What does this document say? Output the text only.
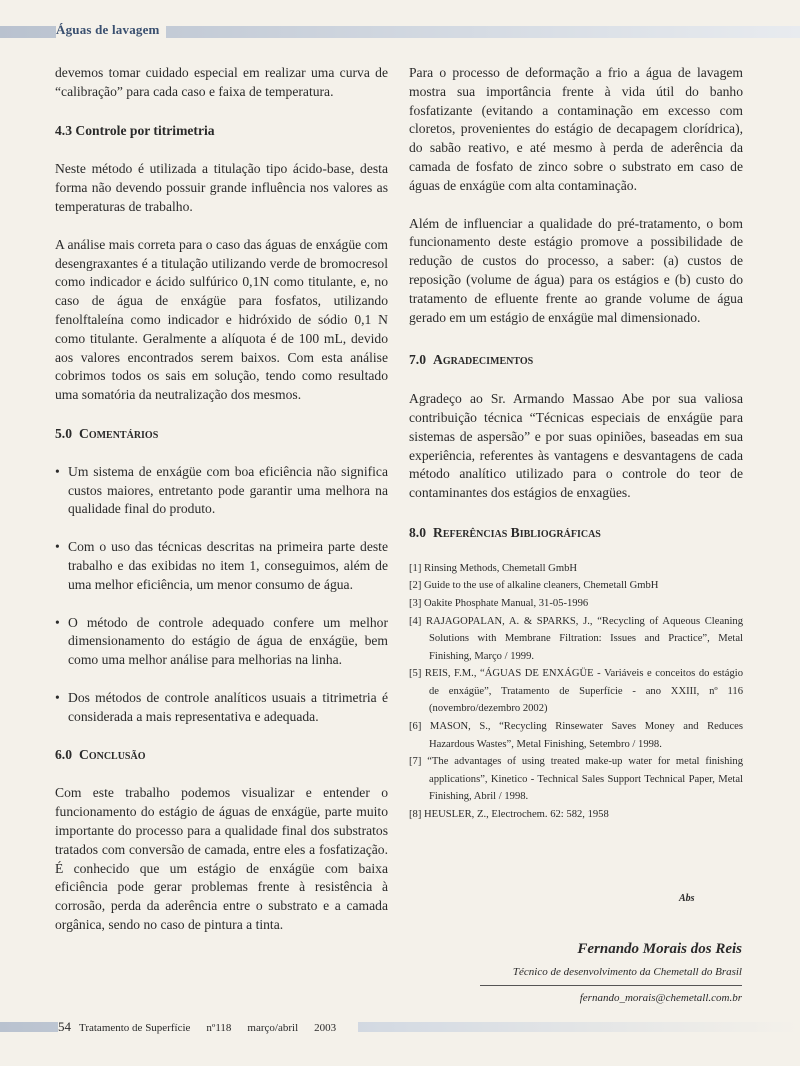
Águas de lavagem

devemos tomar cuidado especial em realizar uma curva de “calibração” para cada caso e faixa de temperatura.

4.3 Controle por titrimetria

Neste método é utilizada a titulação tipo ácido-base, desta forma não devendo possuir grande influência nos valores as temperaturas de trabalho.

A análise mais correta para o caso das águas de enxágüe com desengraxantes é a titulação utilizando verde de bromocresol como indicador e ácido sulfúrico 0,1N como titulante, e, no caso de água de enxágüe para fosfatos, utilizando fenolftaleína como indicador e hidróxido de sódio 0,1 N como titulante. Geralmente a alíquota é de 100 mL, devido aos valores encontrados serem baixos. Com esta análise cobrimos todos os sais em solução, tendo como resultado uma somatória da neutralização dos mesmos.

5.0 Comentários
• Um sistema de enxágüe com boa eficiência não significa custos maiores, entretanto pode garantir uma melhora na qualidade final do produto.
• Com o uso das técnicas descritas na primeira parte deste trabalho e das exibidas no item 1, conseguimos, além de uma melhor eficiência, um menor consumo de água.
• O método de controle adequado confere um melhor dimensionamento do estágio de água de enxágüe, bem como uma melhor análise para melhorias na linha.
• Dos métodos de controle analíticos usuais a titrimetria é considerada a mais representativa e adequada.
6.0 Conclusão

Com este trabalho podemos visualizar e entender o funcionamento do estágio de águas de enxágüe, parte muito importante do processo para a qualidade final dos substratos tratados com conversão de camada, entre eles a fosfatização. É conhecido que um estágio de enxágüe com baixa eficiência pode gerar problemas frente à resistência à corrosão, perda da aderência entre o substrato e a camada orgânica, sendo no caso de pintura a tinta.

Para o processo de deformação a frio a água de lavagem mostra sua importância frente à vida útil do banho fosfatizante (evitando a contaminação em excesso com cloretos, provenientes do estágio de decapagem clorídrica), do sabão reativo, e até mesmo à perda de aderência da camada de fosfato de zinco sobre o substrato em caso de águas de enxágüe com alta contaminação.

Além de influenciar a qualidade do pré-tratamento, o bom funcionamento deste estágio promove a possibilidade de redução de custos do processo, a saber: (a) custos de reposição (volume de água) para os estágios e (b) custo do tratamento de efluente frente ao grande volume de água gerado em um estágio de enxágüe mal dimensionado.

7.0 Agradecimentos

Agradeço ao Sr. Armando Massao Abe por sua valiosa contribuição técnica “Técnicas especiais de enxágüe para sistemas de aspersão” e por suas opiniões, baseadas em sua experiência, referentes às vantagens e desvantagens de cada método analítico utilizado para o controle do teor de contaminantes dos estágios de enxagües.

8.0 Referências Bibliográficas
[1] Rinsing Methods, Chemetall GmbH
[2] Guide to the use of alkaline cleaners, Chemetall GmbH
[3] Oakite Phosphate Manual, 31-05-1996
[4] RAJAGOPALAN, A. & SPARKS, J., “Recycling of Aqueous Cleaning Solutions with Membrane Filtration: Issues and Practice”, Metal Finishing, Março / 1999.
[5] REIS, F.M., “ÁGUAS DE ENXÁGÜE - Variáveis e conceitos do estágio de enxágüe”, Tratamento de Superfície - ano XXIII, nº 116 (novembro/dezembro 2002)
[6] MASON, S., “Recycling Rinsewater Saves Money and Reduces Hazardous Wastes”, Metal Finishing, Setembro / 1998.
[7] “The advantages of using treated make-up water for metal finishing applications”, Kinetico - Technical Sales Support Technical Paper, Metal Finishing, Abril / 1998.
[8] HEUSLER, Z., Electrochem. 62: 582, 1958
Abs
Fernando Morais dos Reis
Técnico de desenvolvimento da Chemetall do Brasil
fernando_morais@chemetall.com.br
54 Tratamento de Superfície nº118 março/abril 2003
